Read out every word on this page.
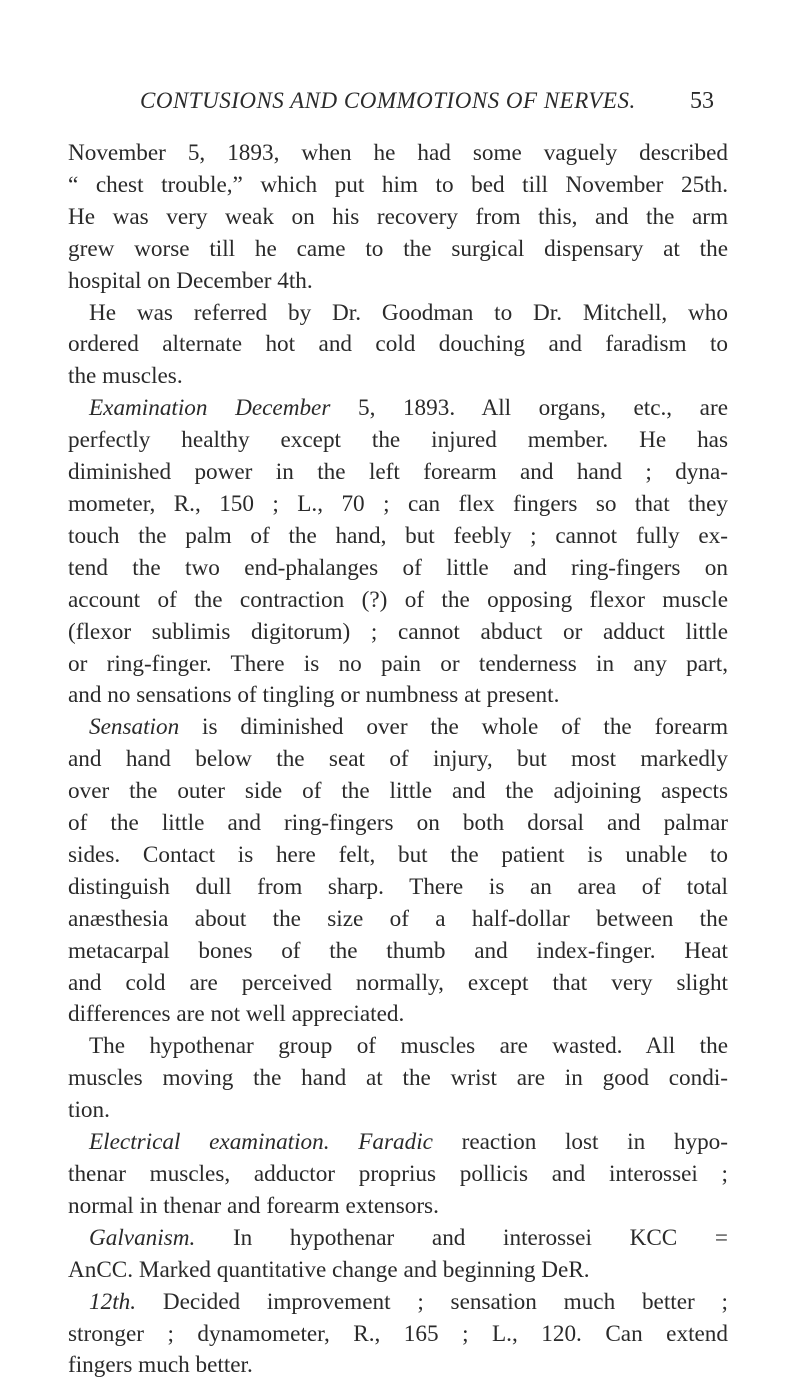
CONTUSIONS AND COMMOTIONS OF NERVES. 53
November 5, 1893, when he had some vaguely described
“ chest trouble,” which put him to bed till November 25th.
He was very weak on his recovery from this, and the arm
grew worse till he came to the surgical dispensary at the
hospital on December 4th.
He was referred by Dr. Goodman to Dr. Mitchell, who
ordered alternate hot and cold douching and faradism to
the muscles.
Examination December 5, 1893. All organs, etc., are
perfectly healthy except the injured member. He has
diminished power in the left forearm and hand ; dyna-
mometer, R., 150 ; L., 70 ; can flex fingers so that they
touch the palm of the hand, but feebly ; cannot fully ex-
tend the two end-phalanges of little and ring-fingers on
account of the contraction (?) of the opposing flexor muscle
(flexor sublimis digitorum) ; cannot abduct or adduct little
or ring-finger. There is no pain or tenderness in any part,
and no sensations of tingling or numbness at present.
Sensation is diminished over the whole of the forearm
and hand below the seat of injury, but most markedly
over the outer side of the little and the adjoining aspects
of the little and ring-fingers on both dorsal and palmar
sides. Contact is here felt, but the patient is unable to
distinguish dull from sharp. There is an area of total
anæsthesia about the size of a half-dollar between the
metacarpal bones of the thumb and index-finger. Heat
and cold are perceived normally, except that very slight
differences are not well appreciated.
The hypothenar group of muscles are wasted. All the
muscles moving the hand at the wrist are in good condi-
tion.
Electrical examination. Faradic reaction lost in hypo-
thenar muscles, adductor proprius pollicis and interossei ;
normal in thenar and forearm extensors.
Galvanism. In hypothenar and interossei KCC =
AnCC. Marked quantitative change and beginning DeR.
12th. Decided improvement ; sensation much better ;
stronger ; dynamometer, R., 165 ; L., 120. Can extend
fingers much better.
